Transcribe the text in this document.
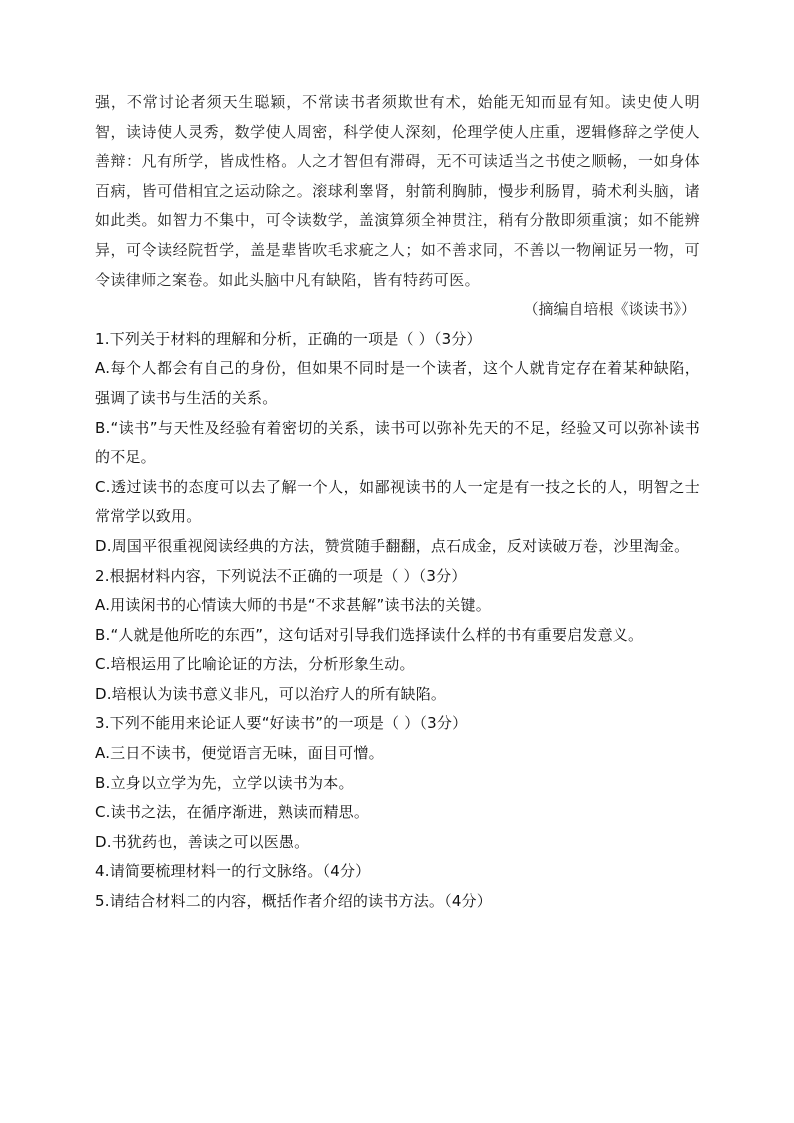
强，不常讨论者须天生聪颖，不常读书者须欺世有术，始能无知而显有知。读史使人明智，读诗使人灵秀，数学使人周密，科学使人深刻，伦理学使人庄重，逻辑修辞之学使人善辩：凡有所学，皆成性格。人之才智但有滞碍，无不可读适当之书使之顺畅，一如身体百病，皆可借相宜之运动除之。滚球利睾肾，射箭利胸肺，慢步利肠胃，骑术利头脑，诸如此类。如智力不集中，可令读数学，盖演算须全神贯注，稍有分散即须重演；如不能辨异，可令读经院哲学，盖是辈皆吹毛求疵之人；如不善求同，不善以一物阐证另一物，可令读律师之案卷。如此头脑中凡有缺陷，皆有特药可医。

（摘编自培根《谈读书》）

1.下列关于材料的理解和分析，正确的一项是（ ）（3分）

A.每个人都会有自己的身份，但如果不同时是一个读者，这个人就肯定存在着某种缺陷，强调了读书与生活的关系。

B.“读书”与天性及经验有着密切的关系，读书可以弥补先天的不足，经验又可以弥补读书的不足。

C.透过读书的态度可以去了解一个人，如鄙视读书的人一定是有一技之长的人，明智之士常常学以致用。

D.周国平很重视阅读经典的方法，赞赏随手翻翻，点石成金，反对读破万卷，沙里淘金。

2.根据材料内容，下列说法不正确的一项是（ ）（3分）

A.用读闲书的心情读大师的书是“不求甚解”读书法的关键。

B.“人就是他所吃的东西”，这句话对引导我们选择读什么样的书有重要启发意义。

C.培根运用了比喻论证的方法，分析形象生动。

D.培根认为读书意义非凡，可以治疗人的所有缺陷。

3.下列不能用来论证人要“好读书”的一项是（ ）（3分）

A.三日不读书，便觉语言无味，面目可憎。

B.立身以立学为先，立学以读书为本。

C.读书之法，在循序渐进，熟读而精思。

D.书犹药也，善读之可以医愚。

4.请简要梳理材料一的行文脉络。（4分）

5.请结合材料二的内容，概括作者介绍的读书方法。（4分）
